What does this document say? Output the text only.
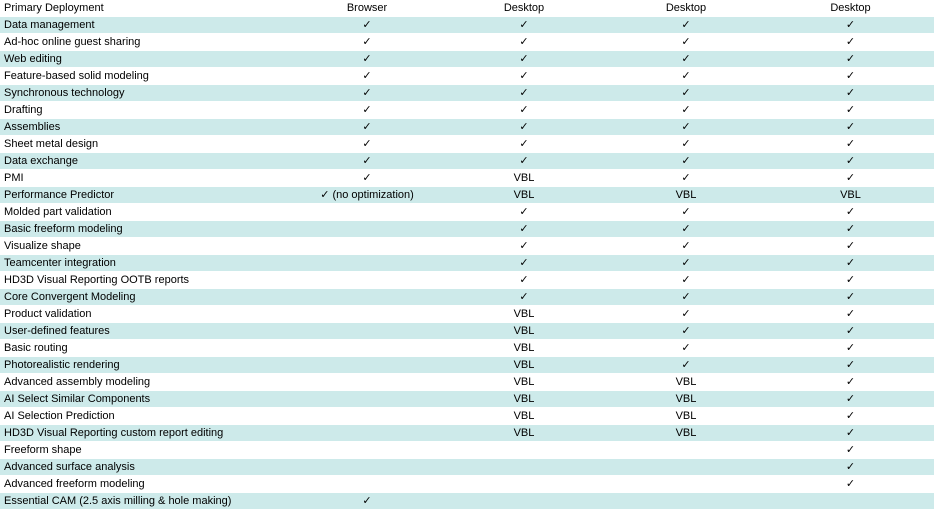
Primary Deployment	Browser	Desktop	Desktop	Desktop
Data management	✓	✓	✓	✓
Ad-hoc online guest sharing	✓	✓	✓	✓
Web editing	✓	✓	✓	✓
Feature-based solid modeling	✓	✓	✓	✓
Synchronous technology	✓	✓	✓	✓
Drafting	✓	✓	✓	✓
Assemblies	✓	✓	✓	✓
Sheet metal design	✓	✓	✓	✓
Data exchange	✓	✓	✓	✓
PMI	✓	VBL	✓	✓
Performance Predictor	✓ (no optimization)	VBL	VBL	VBL
Molded part validation		✓	✓	✓
Basic freeform modeling		✓	✓	✓
Visualize shape		✓	✓	✓
Teamcenter integration		✓	✓	✓
HD3D Visual Reporting OOTB reports		✓	✓	✓
Core Convergent Modeling		✓	✓	✓
Product validation		VBL	✓	✓
User-defined features		VBL	✓	✓
Basic routing		VBL	✓	✓
Photorealistic rendering		VBL	✓	✓
Advanced assembly modeling		VBL	VBL	✓
AI Select Similar Components		VBL	VBL	✓
AI Selection Prediction		VBL	VBL	✓
HD3D Visual Reporting custom report editing		VBL	VBL	✓
Freeform shape				✓
Advanced surface analysis				✓
Advanced freeform modeling				✓
Essential CAM (2.5 axis milling & hole making)	✓			
